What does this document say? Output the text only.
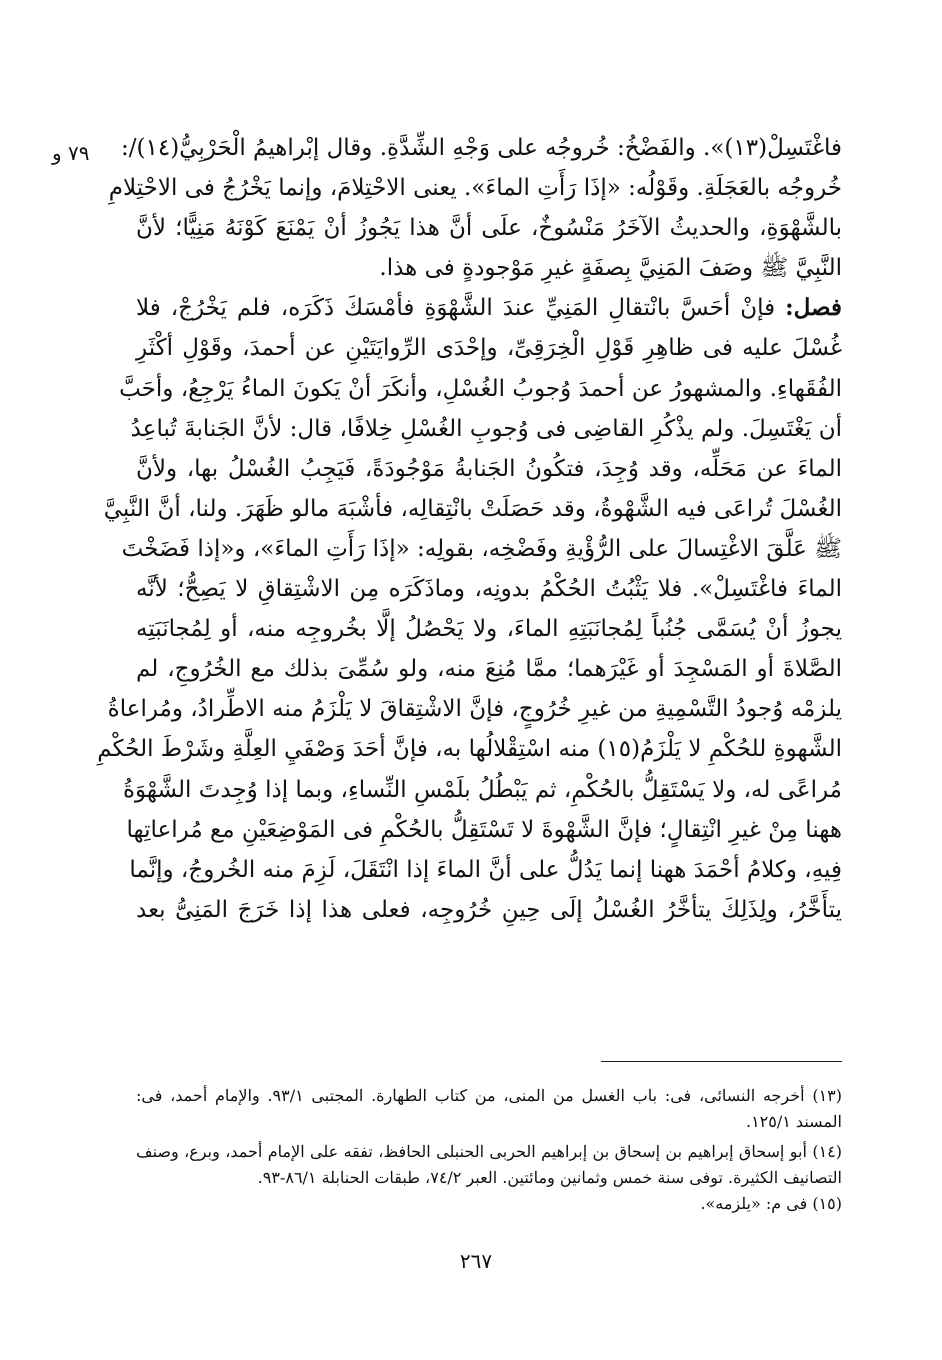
٧٩ و فاغْتَسِلْ(١٣)». والفَضْخُ: خُروجُه على وَجْهِ الشِّدَّةِ. وقال إبْراهيمُ الْحَرْبِيُّ(١٤)/:
خُروجُه بالعَجَلَةِ. وقَوْلُه: «إذَا رَأَتِ الماءَ». يعنى الاحْتِلامَ، وإنما يَخْرُجُ فى الاحْتِلامِ
بالشَّهْوَةِ، والحديثُ الآخَرُ مَنْسُوخٌ، علَى أنَّ هذا يَجُوزُ أنْ يَمْنَعَ كَوْنَهُ مَنِيًّا؛ لأنَّ
النَّبِيَّ ﷺ وصَفَ المَنِيَّ بِصفَةٍ غيرِ مَوْجودةٍ فى هذا.
فصل: فإنْ أحَسَّ بانْتقالِ المَنِيِّ عندَ الشَّهْوَةِ فأمْسَكَ ذَكَرَه، فلم يَخْرُجْ، فلا
غُسْلَ عليه فى ظاهِرِ قَوْلِ الْخِرَقِىِّ، وإحْدَى الرِّوايَتَيْنِ عن أحمدَ، وقَوْلِ أكْثَرِ
الفُقَهاءِ. والمشهورُ عن أحمدَ وُجوبُ الغُسْلِ، وأنكَرَ أنْ يَكونَ الماءُ يَرْجِعُ، وأحَبَّ
أن يَغْتَسِلَ. ولم يذْكُرِ القاضِى فى وُجوبِ الغُسْلِ خِلافًا، قال: لأنَّ الجَنابةَ تُباعِدُ
الماءَ عن مَحَلِّه، وقد وُجِدَ، فتكُونُ الجَنابةُ مَوْجُودَةً، فَيَجِبُ الغُسْلُ بها، ولأنَّ
الغُسْلَ تُراعَى فيه الشَّهْوةُ، وقد حَصَلَتْ بانْتِقالِه، فأشْبَهَ مالو ظَهَرَ. ولنا، أنَّ النَّبِيَّ
ﷺ عَلَّقَ الاغْتِسالَ على الرُّؤْيةِ وفَضْخِه، بقولِه: «إذَا رَأَتِ الماءَ»، و«إذا فَضَخْتَ
الماءَ فاغْتَسِلْ». فلا يَثْبُتُ الحُكْمُ بدونِه، وماذَكَرَه مِن الاشْتِقاقِ لا يَصِحُّ؛ لأنَّه
يجوزُ أنْ يُسَمَّى جُنُباً لِمُجانَبَتِهِ الماءَ، ولا يَحْصُلُ إلَّا بخُروجِه منه، أو لِمُجانَبَتِه
الصَّلاةَ أو المَسْجِدَ أو غَيْرَهما؛ ممَّا مُنِعَ منه، ولو سُمِّىَ بذلك مع الخُرُوجِ، لم
يلزمْه وُجودُ التَّسْمِيةِ من غيرِ خُرُوجٍ، فإنَّ الاشْتِقاقَ لا يَلْزَمُ منه الاطِّرادُ، ومُراعاةُ
الشَّهوةِ للحُكْمِ لا يَلْزَمُ(١٥) منه اسْتِقْلالُها به، فإنَّ أحَدَ وَصْفَيِ العِلَّةِ وشَرْطَ الحُكْمِ
مُراعًى له، ولا يَسْتَقِلُّ بالحُكْمِ، ثم يَبْطُلُ بلَمْسِ النِّساءِ، وبما إذا وُجِدتَ الشَّهْوَةُ
ههنا مِنْ غيرِ انْتِقالٍ؛ فإنَّ الشَّهْوةَ لا تَسْتَقِلُّ بالحُكْمِ فى المَوْضِعَيْنِ مع مُراعاتِها
فِيهِ، وكلامُ أحْمَدَ ههنا إنما يَدُلُّ على أنَّ الماءَ إذا انْتَقَلَ، لَزِمَ منه الخُروجُ، وإنَّما
يتأَخَّرُ، ولِذَلِكَ يتأخَّرُ الغُسْلُ إلَى حِينِ خُرُوجِه، فعلى هذا إذا خَرَجَ المَنِىُّ بعد
(١٣) أخرجه النسائى، فى: باب الغسل من المنى، من كتاب الطهارة. المجتبى ٩٣/١. والإمام أحمد، فى:
المسند ١٢٥/١.
(١٤) أبو إسحاق إبراهيم بن إسحاق بن إبراهيم الحربى الحنبلى الحافظ، تفقه على الإمام أحمد، وبرع، وصنف
التصانيف الكثيرة. توفى سنة خمس وثمانين ومائتين. العبر ٧٤/٢، طبقات الحنابلة ٨٦/١-٩٣.
(١٥) فى م: «يلزمه».
٢٦٧
